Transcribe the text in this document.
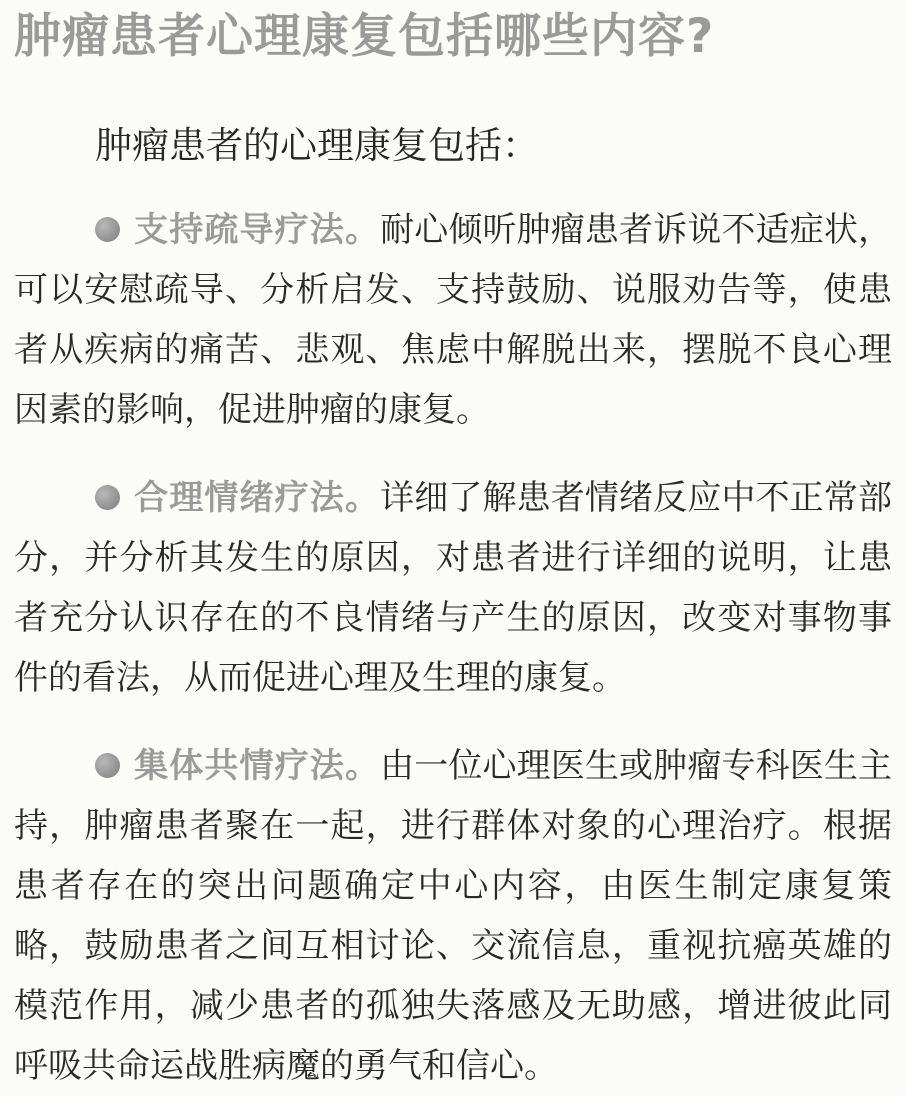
肿瘤患者心理康复包括哪些内容?

肿瘤患者的心理康复包括：

支持疏导疗法。耐心倾听肿瘤患者诉说不适症状，可以安慰疏导、分析启发、支持鼓励、说服劝告等，使患者从疾病的痛苦、悲观、焦虑中解脱出来，摆脱不良心理因素的影响，促进肿瘤的康复。

合理情绪疗法。详细了解患者情绪反应中不正常部分，并分析其发生的原因，对患者进行详细的说明，让患者充分认识存在的不良情绪与产生的原因，改变对事物事件的看法，从而促进心理及生理的康复。

集体共情疗法。由一位心理医生或肿瘤专科医生主持，肿瘤患者聚在一起，进行群体对象的心理治疗。根据患者存在的突出问题确定中心内容，由医生制定康复策略，鼓励患者之间互相讨论、交流信息，重视抗癌英雄的模范作用，减少患者的孤独失落感及无助感，增进彼此同呼吸共命运战胜病魔的勇气和信心。
